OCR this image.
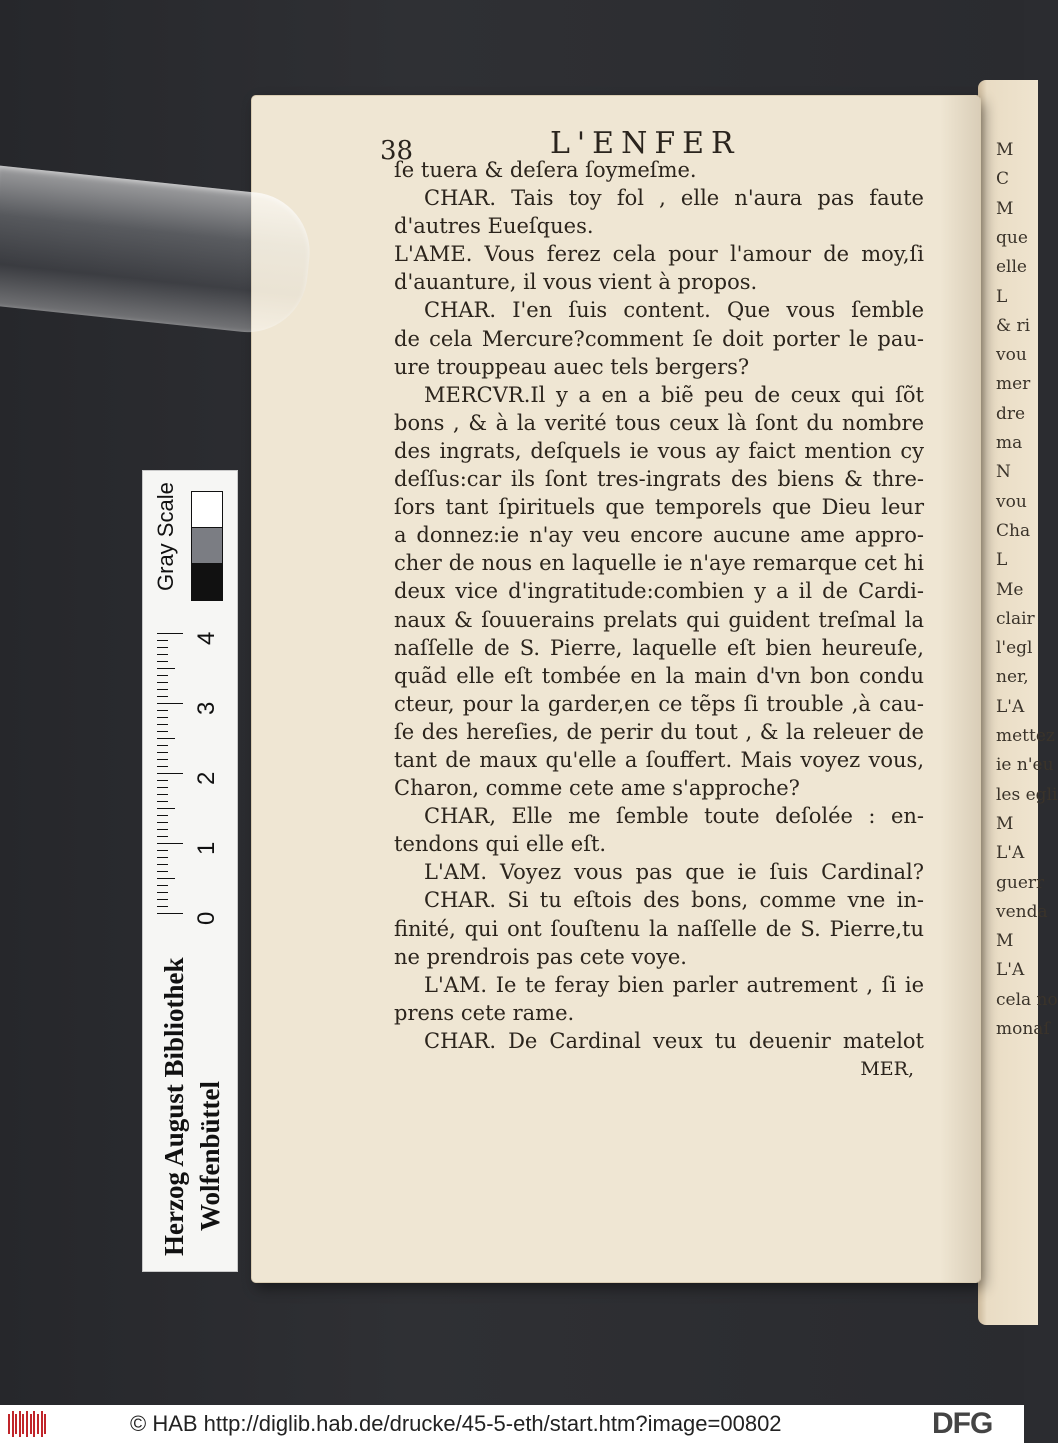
M
C
M
que
elle
L
& ri
vou
mer
dre
ma
N
vou
Cha
L
Me
clair
l'egl
ner,
L'A
mettez
ie n'eu
les egli
M
L'A
guerr
venda
M
L'A
cela no
monaſ
38	L'ENFER
ſe tuera & deſera ſoymeſme.
CHAR. Tais toy fol , elle n'aura pas faute
d'autres Eueſques.
L'AME. Vous ferez cela pour l'amour de moy,ſi
d'auanture, il vous vient à propos.
CHAR. I'en ſuis content. Que vous ſemble
de cela Mercure?comment ſe doit porter le pau-
ure trouppeau auec tels bergers?
MERCVR.Il y a en a biẽ peu de ceux qui ſõt
bons , & à la verité tous ceux là ſont du nombre
des ingrats, deſquels ie vous ay faict mention cy
deſſus:car ils ſont tres-ingrats des biens & thre-
ſors tant ſpirituels que temporels que Dieu leur
a donnez:ie n'ay veu encore aucune ame appro-
cher de nous en laquelle ie n'aye remarque cet hi
deux vice d'ingratitude:combien y a il de Cardi-
naux & ſouuerains prelats qui guident treſmal la
naſſelle de S. Pierre, laquelle eſt bien heureuſe,
quãd elle eſt tombée en la main d'vn bon condu
cteur, pour la garder,en ce tẽps ſi trouble ,à cau-
ſe des hereſies, de perir du tout , & la releuer de
tant de maux qu'elle a ſouffert. Mais voyez vous,
Charon, comme cete ame s'approche?
CHAR, Elle me ſemble toute deſolée : en-
tendons qui elle eſt.
L'AM. Voyez vous pas que ie ſuis Cardinal?
CHAR. Si tu eſtois des bons, comme vne in-
finité, qui ont ſouſtenu la naſſelle de S. Pierre,tu
ne prendrois pas cete voye.
L'AM. Ie te feray bien parler autrement , ſi ie
prens cete rame.
CHAR. De Cardinal veux tu deuenir matelot
MER,
Gray Scale
0
1
2
3
4
Herzog August Bibliothek Wolfenbüttel
© HAB http://diglib.hab.de/drucke/45-5-eth/start.htm?image=00802	DFG
